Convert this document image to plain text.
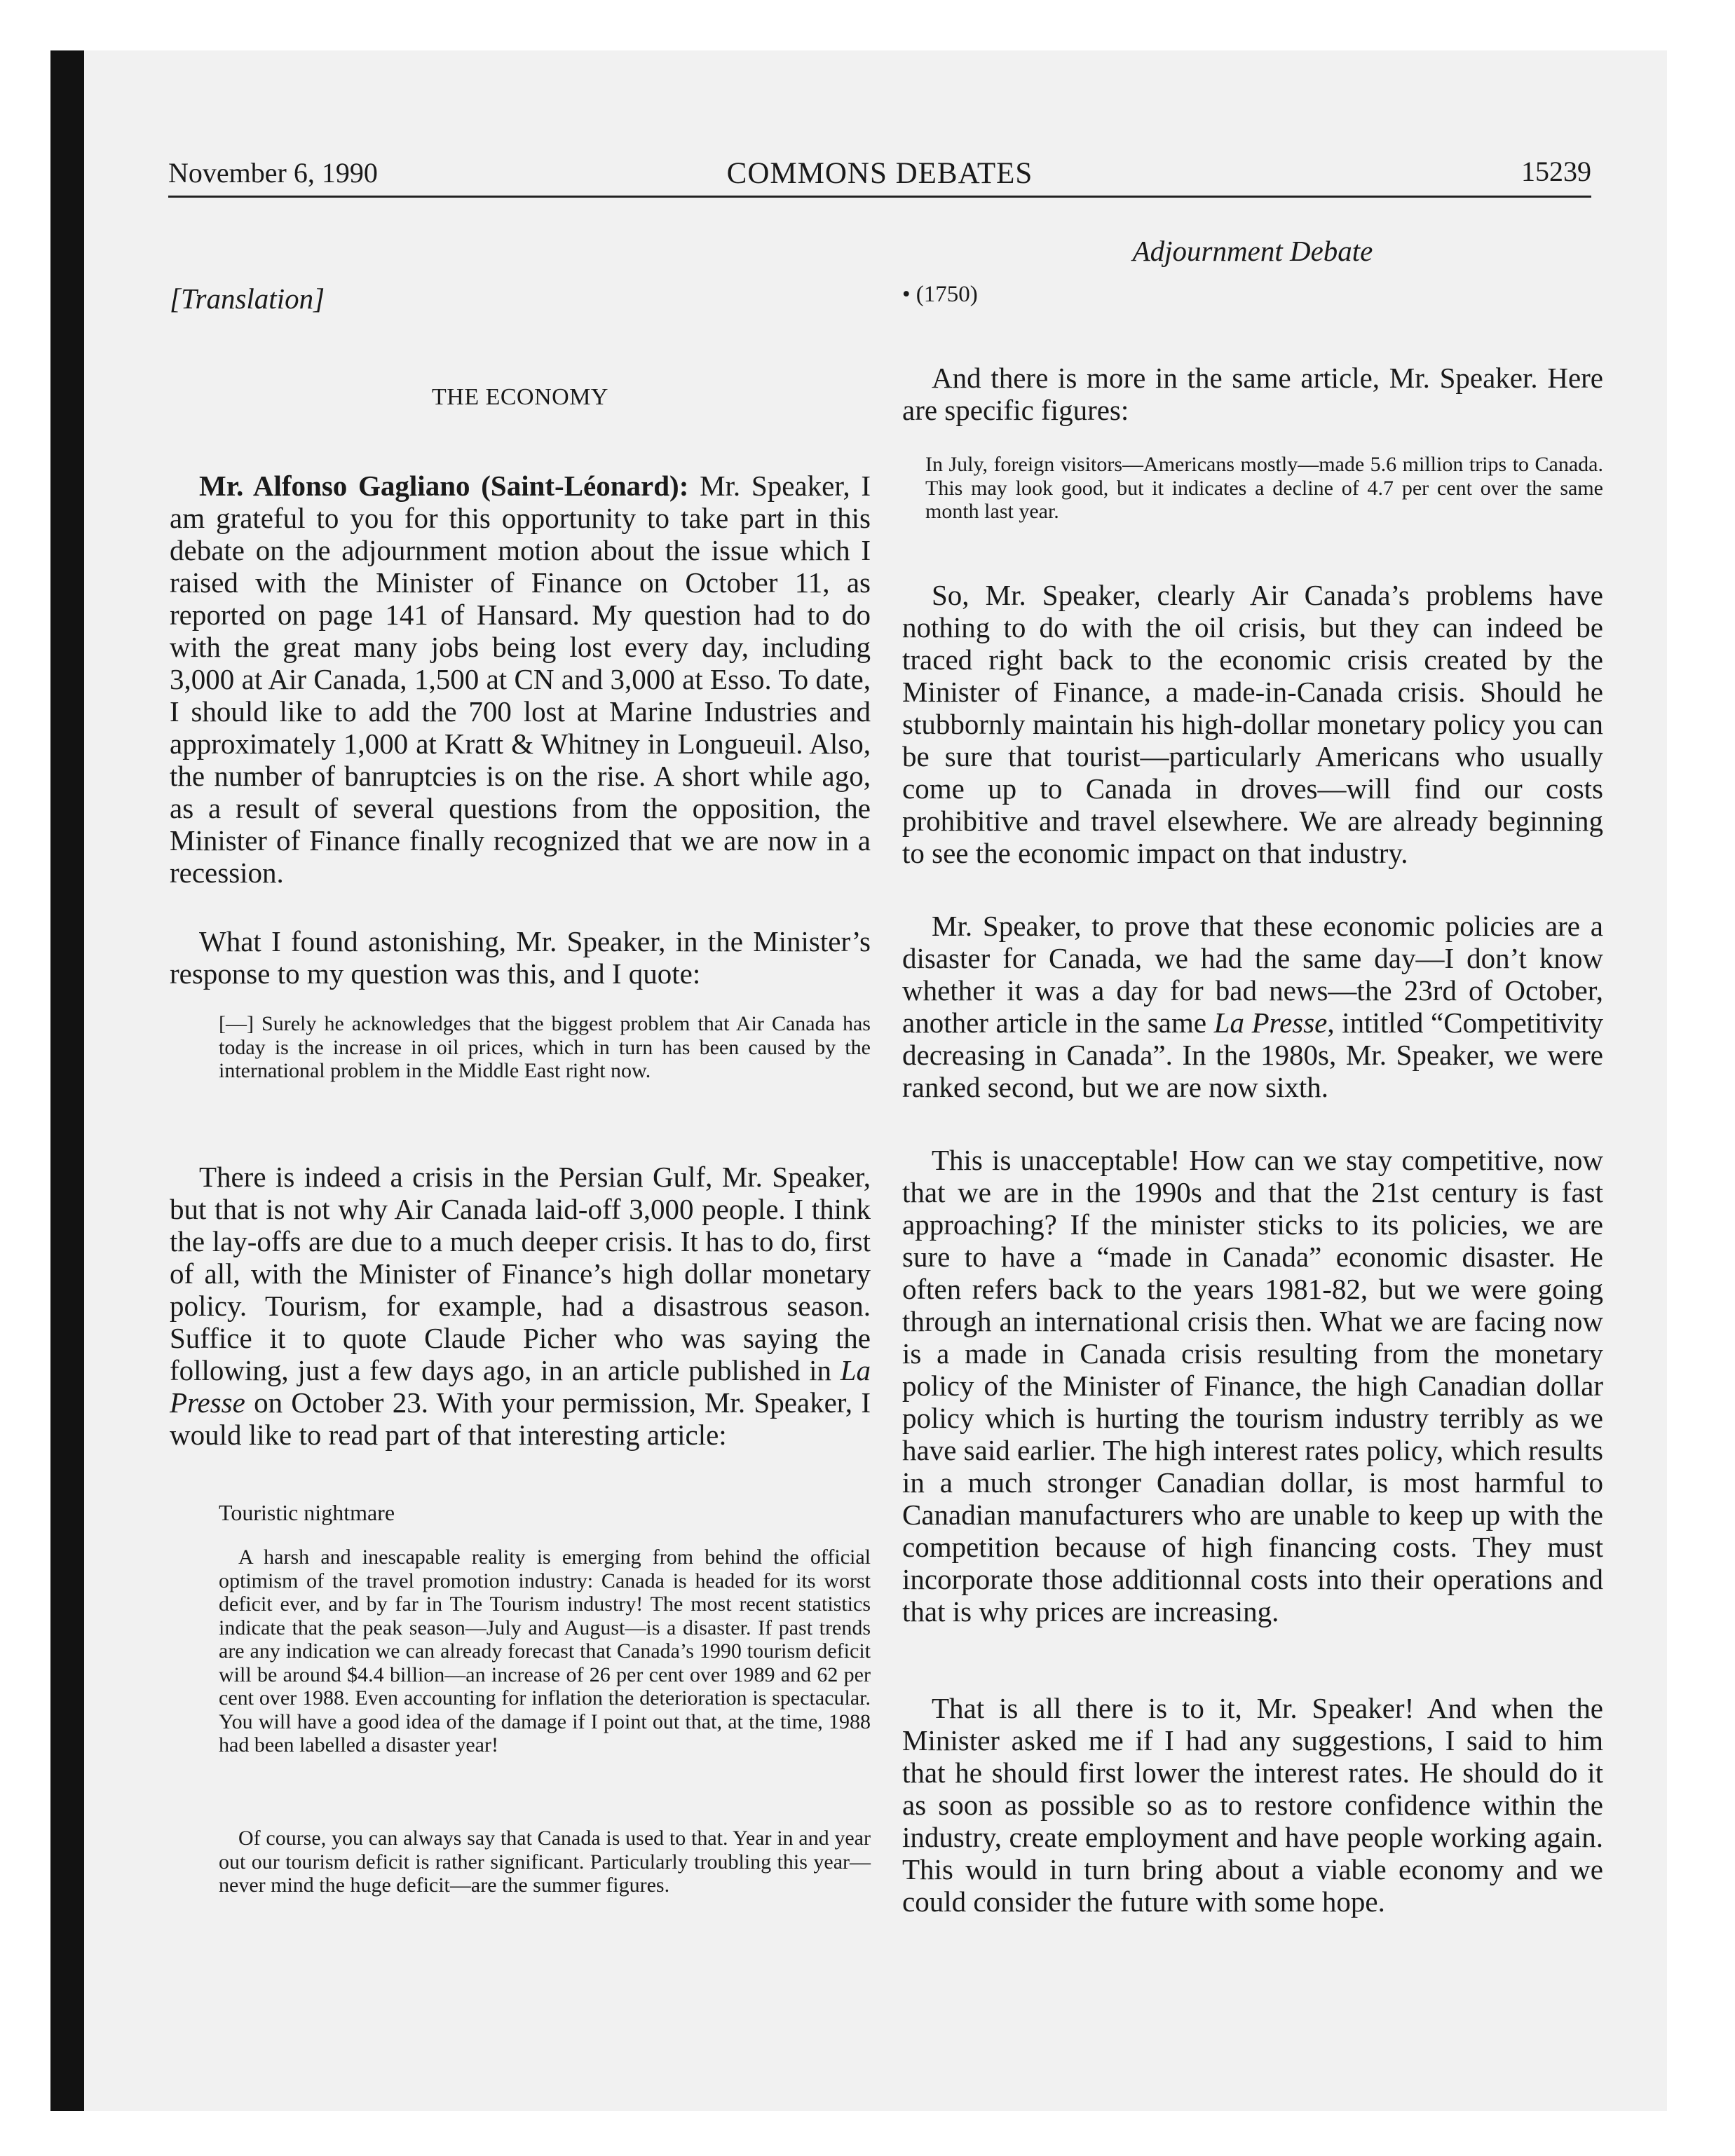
November 6, 1990	COMMONS DEBATES	15239
[Translation]
THE ECONOMY

Mr. Alfonso Gagliano (Saint-Léonard): Mr. Speaker, I am grateful to you for this opportunity to take part in this debate on the adjournment motion about the issue which I raised with the Minister of Finance on October 11, as reported on page 141 of Hansard. My question had to do with the great many jobs being lost every day, including 3,000 at Air Canada, 1,500 at CN and 3,000 at Esso. To date, I should like to add the 700 lost at Marine Industries and approximately 1,000 at Kratt & Whitney in Longueuil. Also, the number of banruptcies is on the rise. A short while ago, as a result of several questions from the opposition, the Minister of Finance finally recognized that we are now in a recession.

What I found astonishing, Mr. Speaker, in the Minister’s response to my question was this, and I quote:

[—] Surely he acknowledges that the biggest problem that Air Canada has today is the increase in oil prices, which in turn has been caused by the international problem in the Middle East right now.

There is indeed a crisis in the Persian Gulf, Mr. Speaker, but that is not why Air Canada laid-off 3,000 people. I think the lay-offs are due to a much deeper crisis. It has to do, first of all, with the Minister of Finance’s high dollar monetary policy. Tourism, for example, had a disastrous season. Suffice it to quote Claude Picher who was saying the following, just a few days ago, in an article published in La Presse on October 23. With your permission, Mr. Speaker, I would like to read part of that interesting article:

Touristic nightmare

A harsh and inescapable reality is emerging from behind the official optimism of the travel promotion industry: Canada is headed for its worst deficit ever, and by far in The Tourism industry! The most recent statistics indicate that the peak season—July and August—is a disaster. If past trends are any indication we can already forecast that Canada’s 1990 tourism deficit will be around $4.4 billion—an increase of 26 per cent over 1989 and 62 per cent over 1988. Even accounting for inflation the deterioration is spectacular. You will have a good idea of the damage if I point out that, at the time, 1988 had been labelled a disaster year!

Of course, you can always say that Canada is used to that. Year in and year out our tourism deficit is rather significant. Particularly troubling this year—never mind the huge deficit—are the summer figures.

Adjournment Debate
• (1750)

And there is more in the same article, Mr. Speaker. Here are specific figures:

In July, foreign visitors—Americans mostly—made 5.6 million trips to Canada. This may look good, but it indicates a decline of 4.7 per cent over the same month last year.

So, Mr. Speaker, clearly Air Canada’s problems have nothing to do with the oil crisis, but they can indeed be traced right back to the economic crisis created by the Minister of Finance, a made-in-Canada crisis. Should he stubbornly maintain his high-dollar monetary policy you can be sure that tourist—particularly Americans who usually come up to Canada in droves—will find our costs prohibitive and travel elsewhere. We are already beginning to see the economic impact on that industry.

Mr. Speaker, to prove that these economic policies are a disaster for Canada, we had the same day—I don’t know whether it was a day for bad news—the 23rd of October, another article in the same La Presse, intitled “Competitivity decreasing in Canada”. In the 1980s, Mr. Speaker, we were ranked second, but we are now sixth.

This is unacceptable! How can we stay competitive, now that we are in the 1990s and that the 21st century is fast approaching? If the minister sticks to its policies, we are sure to have a “made in Canada” economic disaster. He often refers back to the years 1981-82, but we were going through an international crisis then. What we are facing now is a made in Canada crisis resulting from the monetary policy of the Minister of Finance, the high Canadian dollar policy which is hurting the tourism industry terribly as we have said earlier. The high interest rates policy, which results in a much stronger Canadian dollar, is most harmful to Canadian manufacturers who are unable to keep up with the competition because of high financing costs. They must incorporate those additionnal costs into their operations and that is why prices are increasing.

That is all there is to it, Mr. Speaker! And when the Minister asked me if I had any suggestions, I said to him that he should first lower the interest rates. He should do it as soon as possible so as to restore confidence within the industry, create employment and have people working again. This would in turn bring about a viable economy and we could consider the future with some hope.
